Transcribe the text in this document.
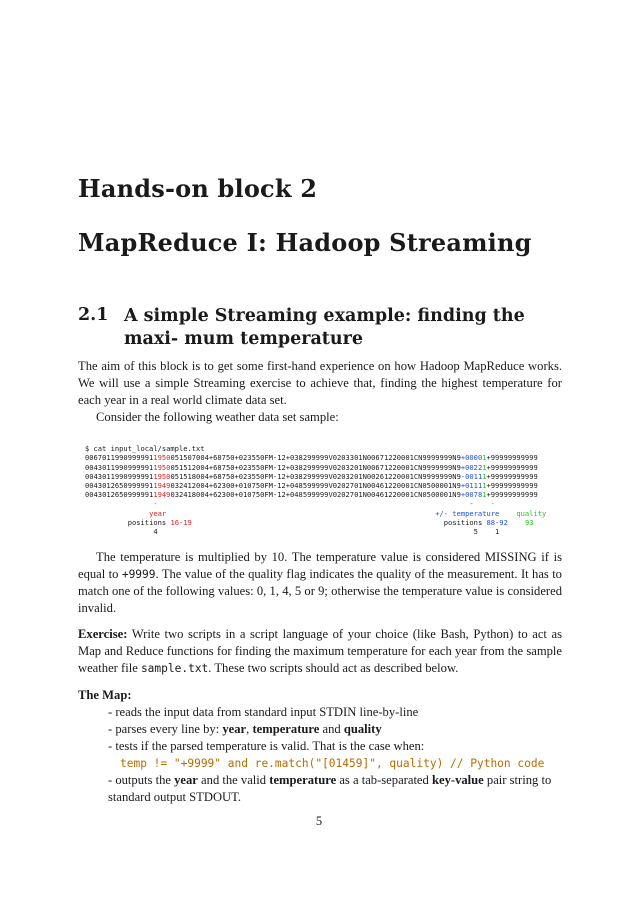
Hands-on block 2
MapReduce I: Hadoop Streaming
2.1 A simple Streaming example: finding the maxi- mum temperature
The aim of this block is to get some first-hand experience on how Hadoop MapReduce works. We will use a simple Streaming exercise to achieve that, finding the highest temperature for each year in a real world climate data set.
Consider the following weather data set sample:

$ cat input_local/sample.txt
00670119909999911950051507004+68750+023550FM-12+038299999V0203301N00671220001CN9999999N9+00001+99999999999
00430119909999911950051512004+68750+023550FM-12+038299999V0203201N00671220001CN9999999N9+00221+99999999999
00430119909999911950051518004+68750+023550FM-12+038299999V0203201N00261220001CN9999999N9-00111+99999999999
00430126509999911949032412004+62300+010750FM-12+048599999V0202701N00461220001CN0500001N9+01111+99999999999
00430126509999911949032418004+62300+010750FM-12+048599999V0202701N00461220001CN0500001N9+00781+99999999999
-	- -
year	+/- temperature quality
positions 16-19	positions 88-92 93
4	5 1

The temperature is multiplied by 10. The temperature value is considered MISSING if is equal to +9999. The value of the quality flag indicates the quality of the measurement. It has to match one of the following values: 0, 1, 4, 5 or 9; otherwise the temperature value is considered invalid.
Exercise: Write two scripts in a script language of your choice (like Bash, Python) to act as Map and Reduce functions for finding the maximum temperature for each year from the sample weather file sample.txt. These two scripts should act as described below.
The Map:
- reads the input data from standard input STDIN line-by-line
- parses every line by: year, temperature and quality
- tests if the parsed temperature is valid. That is the case when:
temp != "+9999" and re.match("[01459]", quality) // Python code
- outputs the year and the valid temperature as a tab-separated key-value pair string to standard output STDOUT.
5
